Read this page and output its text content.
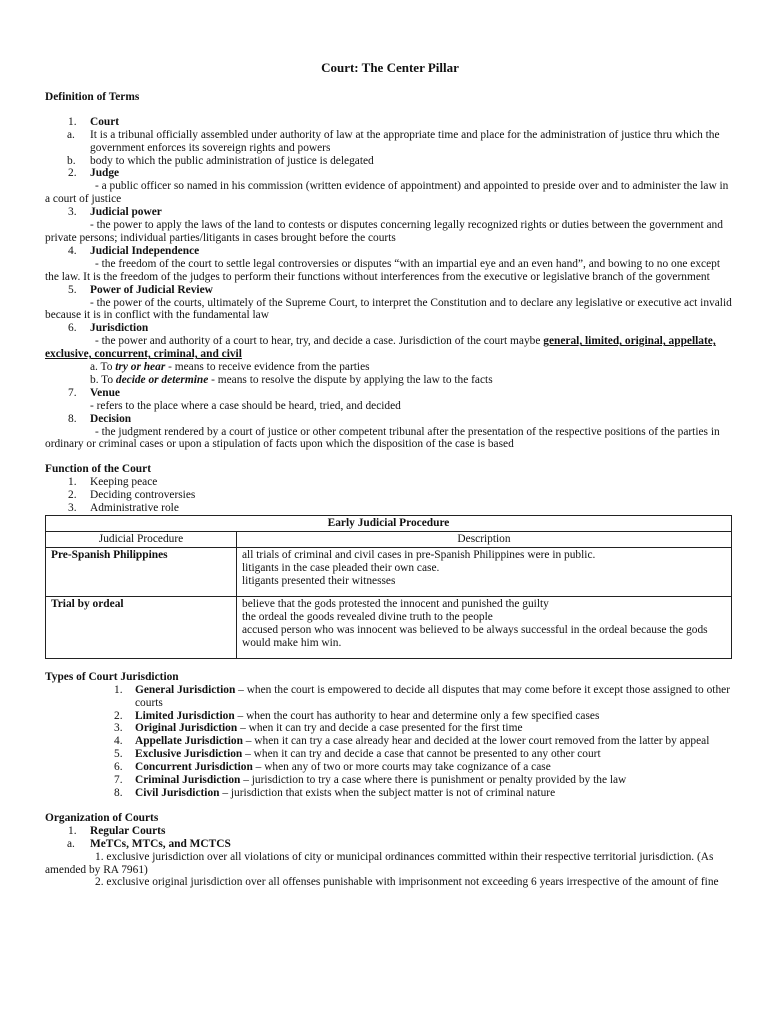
Court: The Center Pillar

Definition of Terms

1.	Court
a.	It is a tribunal officially assembled under authority of law at the appropriate time and place for the administration of justice thru which the government enforces its sovereign rights and powers
b.	body to which the public administration of justice is delegated
2.	Judge

- a public officer so named in his commission (written evidence of appointment) and appointed to preside over and to administer the law in a court of justice

3.	Judicial power

- the power to apply the laws of the land to contests or disputes concerning legally recognized rights or duties between the government and private persons; individual parties/litigants in cases brought before the courts

4.	Judicial Independence

- the freedom of the court to settle legal controversies or disputes “with an impartial eye and an even hand”, and bowing to no one except the law. It is the freedom of the judges to perform their functions without interferences from the executive or legislative branch of the government

5.	Power of Judicial Review

- the power of the courts, ultimately of the Supreme Court, to interpret the Constitution and to declare any legislative or executive act invalid because it is in conflict with the fundamental law

6.	Jurisdiction

- the power and authority of a court to hear, try, and decide a case. Jurisdiction of the court maybe general, limited, original, appellate, exclusive, concurrent, criminal, and civil

a. To try or hear - means to receive evidence from the parties

b. To decide or determine - means to resolve the dispute by applying the law to the facts

7.	Venue

- refers to the place where a case should be heard, tried, and decided

8.	Decision

- the judgment rendered by a court of justice or other competent tribunal after the presentation of the respective positions of the parties in ordinary or criminal cases or upon a stipulation of facts upon which the disposition of the case is based

Function of the Court

1.	Keeping peace
2.	Deciding controversies
3.	Administrative role
Early Judicial Procedure	
Judicial Procedure	Description
Pre-Spanish Philippines	all trials of criminal and civil cases in pre-Spanish Philippines were in public.
litigants in the case pleaded their own case.
litigants presented their witnesses

Trial by ordeal	believe that the gods protested the innocent and punished the guilty
the ordeal the goods revealed divine truth to the people
accused person who was innocent was believed to be always successful in the ordeal because the gods would make him win.

Types of Court Jurisdiction

1.	General Jurisdiction – when the court is empowered to decide all disputes that may come before it except those assigned to other courts
2.	Limited Jurisdiction – when the court has authority to hear and determine only a few specified cases
3.	Original Jurisdiction – when it can try and decide a case presented for the first time
4.	Appellate Jurisdiction – when it can try a case already hear and decided at the lower court removed from the latter by appeal
5.	Exclusive Jurisdiction – when it can try and decide a case that cannot be presented to any other court
6.	Concurrent Jurisdiction – when any of two or more courts may take cognizance of a case
7.	Criminal Jurisdiction – jurisdiction to try a case where there is punishment or penalty provided by the law
8.	Civil Jurisdiction – jurisdiction that exists when the subject matter is not of criminal nature

Organization of Courts

1.	Regular Courts
a.	MeTCs, MTCs, and MCTCS

1. exclusive jurisdiction over all violations of city or municipal ordinances committed within their respective territorial jurisdiction. (As amended by RA 7961)

2. exclusive original jurisdiction over all offenses punishable with imprisonment not exceeding 6 years irrespective of the amount of fine
